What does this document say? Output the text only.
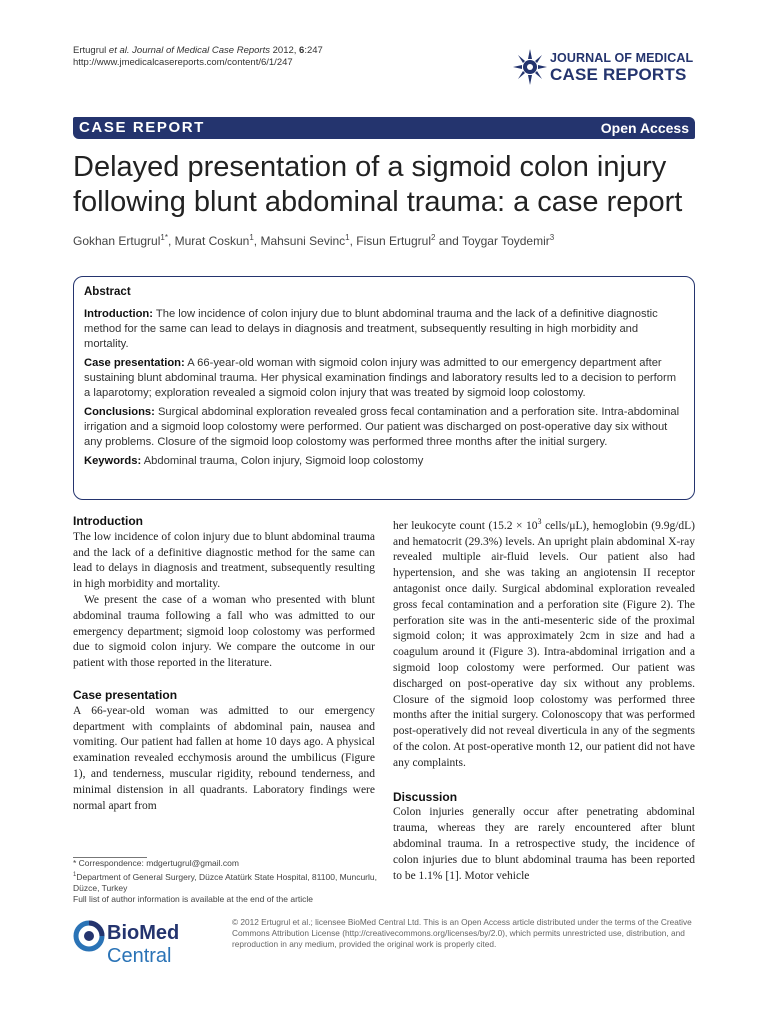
Ertugrul et al. Journal of Medical Case Reports 2012, 6:247
http://www.jmedicalcasereports.com/content/6/1/247	JOURNAL OF MEDICAL
CASE REPORTS
CASE REPORT	Open Access
Delayed presentation of a sigmoid colon injury following blunt abdominal trauma: a case report
Gokhan Ertugrul$^{1*}$, Murat Coskun$^1$, Mahsuni Sevinc$^1$, Fisun Ertugrul$^2$ and Toygar Toydemir$^3$
Abstract

Introduction: The low incidence of colon injury due to blunt abdominal trauma and the lack of a definitive diagnostic method for the same can lead to delays in diagnosis and treatment, subsequently resulting in high morbidity and mortality.

Case presentation: A 66-year-old woman with sigmoid colon injury was admitted to our emergency department after sustaining blunt abdominal trauma. Her physical examination findings and laboratory results led to a decision to perform a laparotomy; exploration revealed a sigmoid colon injury that was treated by sigmoid loop colostomy.

Conclusions: Surgical abdominal exploration revealed gross fecal contamination and a perforation site. Intra-abdominal irrigation and a sigmoid loop colostomy were performed. Our patient was discharged on post-operative day six without any problems. Closure of the sigmoid loop colostomy was performed three months after the initial surgery.

Keywords: Abdominal trauma, Colon injury, Sigmoid loop colostomy

Introduction

The low incidence of colon injury due to blunt abdominal trauma and the lack of a definitive diagnostic method for the same can lead to delays in diagnosis and treatment, subsequently resulting in high morbidity and mortality.

We present the case of a woman who presented with blunt abdominal trauma following a fall who was admitted to our emergency department; sigmoid loop colostomy was performed due to sigmoid colon injury. We compare the outcome in our patient with those reported in the literature.

Case presentation

A 66-year-old woman was admitted to our emergency department with complaints of abdominal pain, nausea and vomiting. Our patient had fallen at home 10 days ago. A physical examination revealed ecchymosis around the umbilicus (Figure 1), and tenderness, muscular rigidity, rebound tenderness, and minimal distension in all quadrants. Laboratory findings were normal apart from

her leukocyte count ($15.2 \times 10^3$ cells/μL), hemoglobin (9.9g/dL) and hematocrit (29.3%) levels. An upright plain abdominal X-ray revealed multiple air-fluid levels. Our patient also had hypertension, and she was taking an angiotensin II receptor antagonist once daily. Surgical abdominal exploration revealed gross fecal contamination and a perforation site (Figure 2). The perforation site was in the anti-mesenteric side of the proximal sigmoid colon; it was approximately 2cm in size and had a coagulum around it (Figure 3). Intra-abdominal irrigation and a sigmoid loop colostomy were performed. Our patient was discharged on post-operative day six without any problems. Closure of the sigmoid loop colostomy was performed three months after the initial surgery. Colonoscopy that was performed post-operatively did not reveal diverticula in any of the segments of the colon. At post-operative month 12, our patient did not have any complaints.

Discussion

Colon injuries generally occur after penetrating abdominal trauma, whereas they are rarely encountered after blunt abdominal trauma. In a retrospective study, the incidence of colon injuries due to blunt abdominal trauma has been reported to be 1.1% [1]. Motor vehicle

* Correspondence: mdgertugrul@gmail.com
$^1$Department of General Surgery, Düzce Atatürk State Hospital, 81100, Muncurlu, Düzce, Turkey
Full list of author information is available at the end of the article
BioMed Central
© 2012 Ertugrul et al.; licensee BioMed Central Ltd. This is an Open Access article distributed under the terms of the Creative Commons Attribution License (http://creativecommons.org/licenses/by/2.0), which permits unrestricted use, distribution, and reproduction in any medium, provided the original work is properly cited.
